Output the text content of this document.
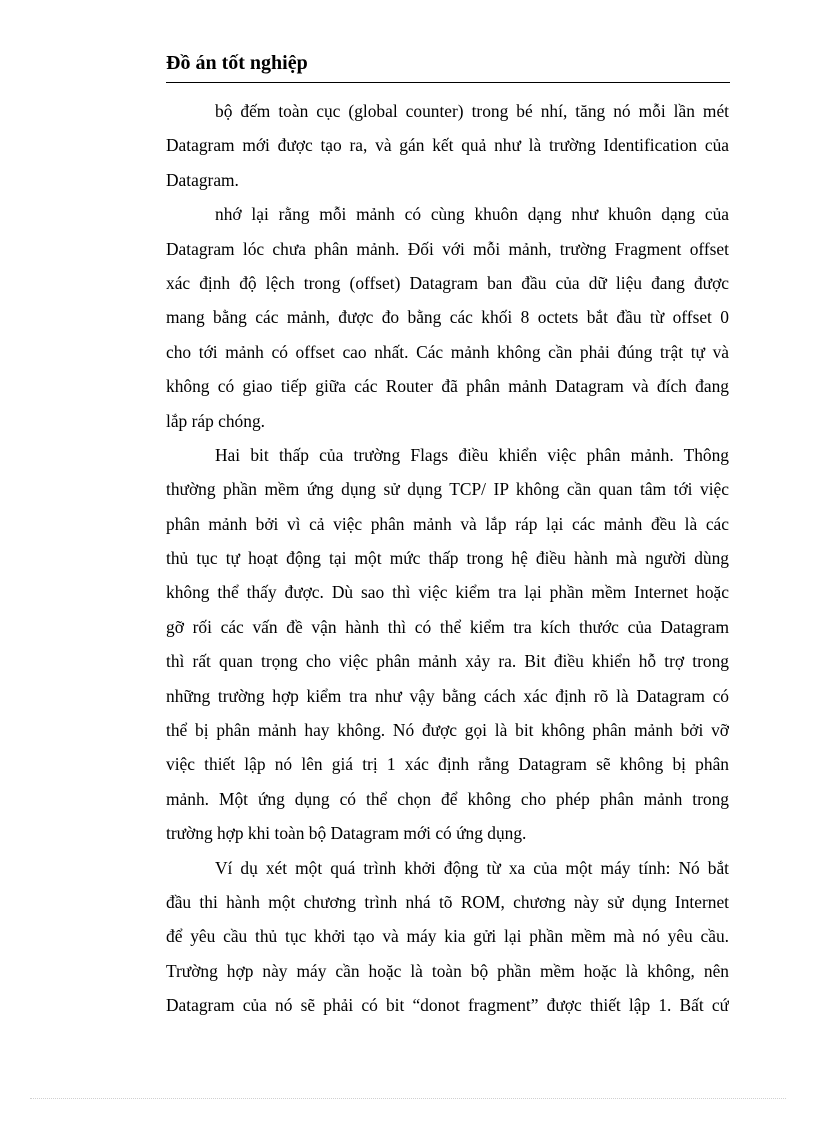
Đồ án tốt nghiệp
bộ đếm toàn cục (global counter) trong bé nhí, tăng nó mỗi lần mét
Datagram mới được tạo ra, và gán kết quả như là trường Identification của
Datagram.
nhớ lại rằng mỗi mảnh có cùng khuôn dạng như khuôn dạng của
Datagram lóc chưa phân mảnh. Đối với mỗi mảnh, trường Fragment offset
xác định độ lệch trong (offset) Datagram ban đầu của dữ liệu đang được
mang bằng các mảnh, được đo bằng các khối 8 octets bắt đầu từ offset 0
cho tới mảnh có offset cao nhất. Các mảnh không cần phải đúng trật tự và
không có giao tiếp giữa các Router đã phân mảnh Datagram và đích đang
lắp ráp chóng.
Hai bit thấp của trường Flags điều khiển việc phân mảnh. Thông
thường phần mềm ứng dụng sử dụng TCP/ IP không cần quan tâm tới việc
phân mảnh bởi vì cả việc phân mảnh và lắp ráp lại các mảnh đều là các
thủ tục tự hoạt động tại một mức thấp trong hệ điều hành mà người dùng
không thể thấy được. Dù sao thì việc kiểm tra lại phần mềm Internet hoặc
gỡ rối các vấn đề vận hành thì có thể kiểm tra kích thước của Datagram
thì rất quan trọng cho việc phân mảnh xảy ra. Bit điều khiển hỗ trợ trong
những trường hợp kiểm tra như vậy bằng cách xác định rõ là Datagram có
thể bị phân mảnh hay không. Nó được gọi là bit không phân mảnh bởi vỡ
việc thiết lập nó lên giá trị 1 xác định rằng Datagram sẽ không bị phân
mảnh. Một ứng dụng có thể chọn để không cho phép phân mảnh trong
trường hợp khi toàn bộ Datagram mới có ứng dụng.
Ví dụ xét một quá trình khởi động từ xa của một máy tính: Nó bắt
đầu thi hành một chương trình nhá tõ ROM, chương này sử dụng Internet
để yêu cầu thủ tục khởi tạo và máy kia gửi lại phần mềm mà nó yêu cầu.
Trường hợp này máy cần hoặc là toàn bộ phần mềm hoặc là không, nên
Datagram của nó sẽ phải có bit “donot fragment” được thiết lập 1. Bất cứ
